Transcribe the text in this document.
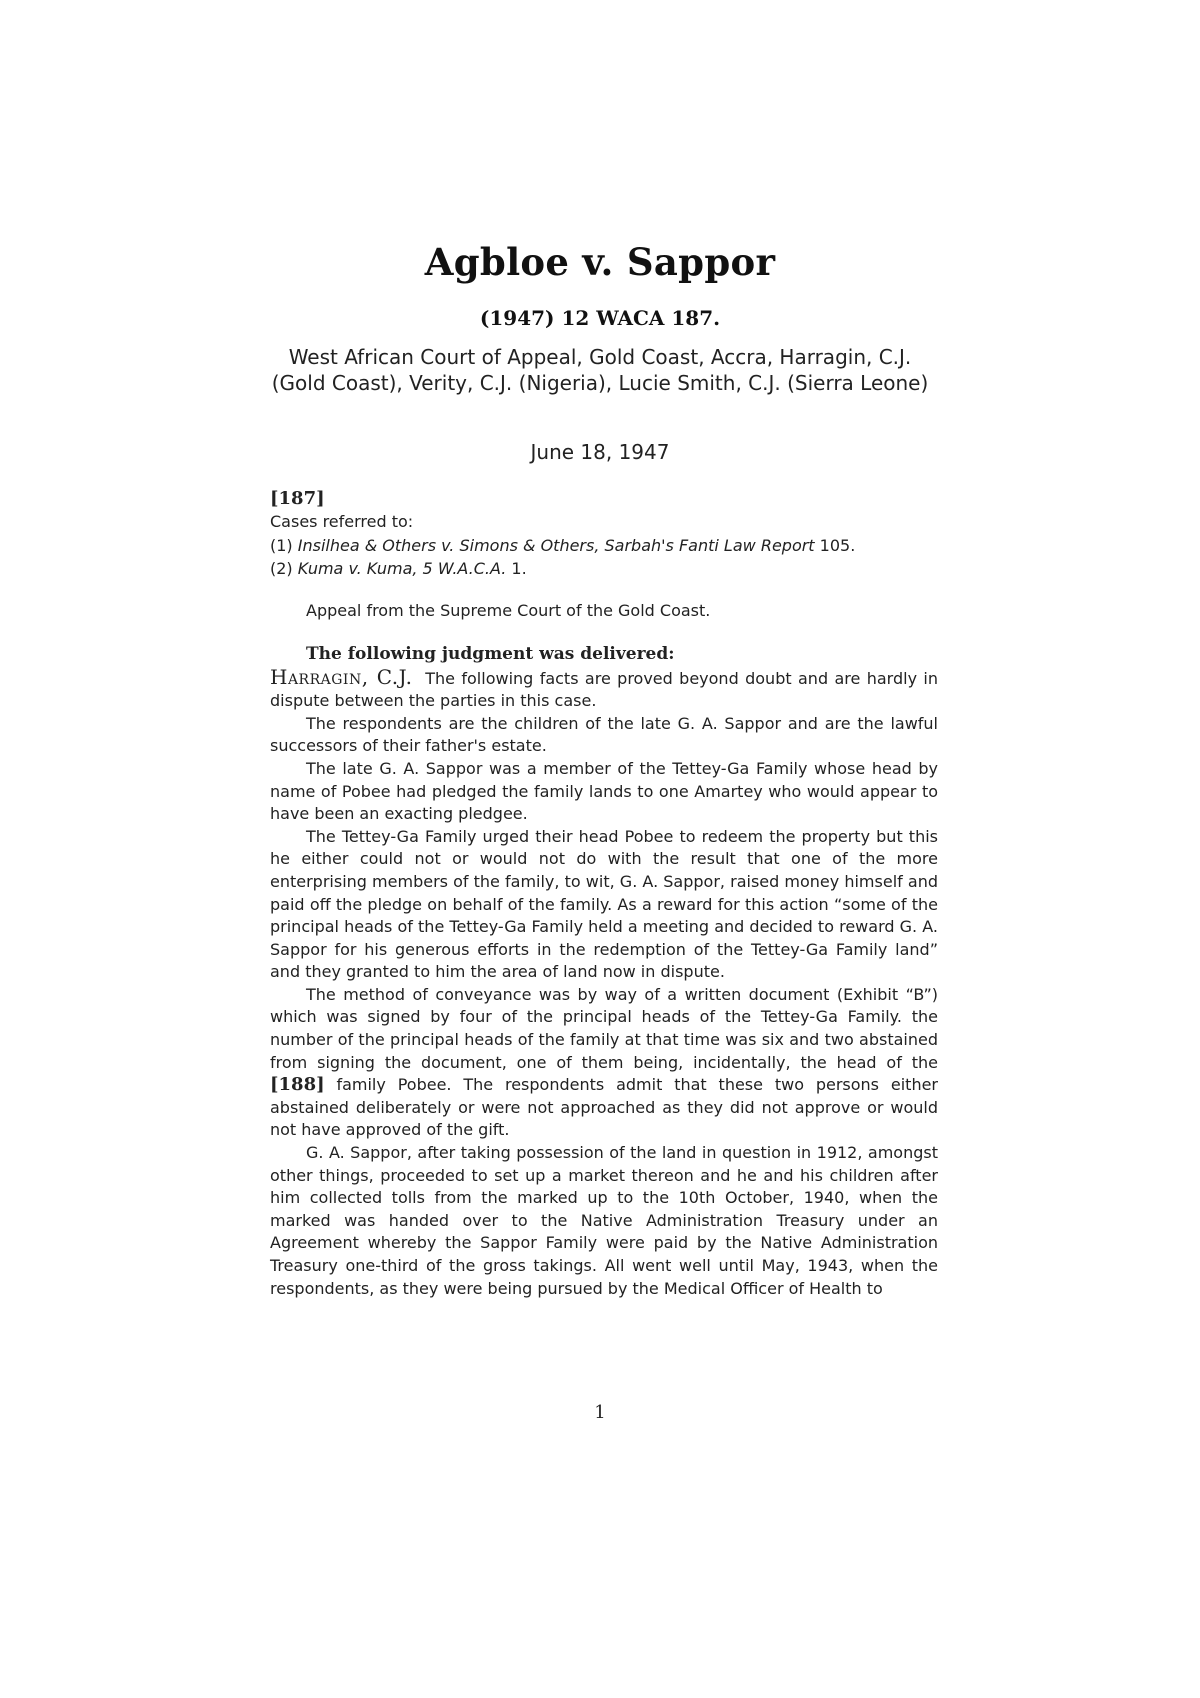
Agbloe v. Sappor
(1947) 12 WACA 187.
West African Court of Appeal, Gold Coast, Accra, Harragin, C.J. (Gold Coast), Verity, C.J. (Nigeria), Lucie Smith, C.J. (Sierra Leone)
June 18, 1947
[187]
Cases referred to:
(1) Insilhea & Others v. Simons & Others, Sarbah's Fanti Law Report 105.
(2) Kuma v. Kuma, 5 W.A.C.A. 1.
Appeal from the Supreme Court of the Gold Coast.
The following judgment was delivered:

Harragin, C.J. The following facts are proved beyond doubt and are hardly in dispute between the parties in this case.

The respondents are the children of the late G. A. Sappor and are the lawful successors of their father's estate.

The late G. A. Sappor was a member of the Tettey-Ga Family whose head by name of Pobee had pledged the family lands to one Amartey who would appear to have been an exacting pledgee.

The Tettey-Ga Family urged their head Pobee to redeem the property but this he either could not or would not do with the result that one of the more enterprising members of the family, to wit, G. A. Sappor, raised money himself and paid off the pledge on behalf of the family. As a reward for this action “some of the principal heads of the Tettey-Ga Family held a meeting and decided to reward G. A. Sappor for his generous efforts in the redemption of the Tettey-Ga Family land” and they granted to him the area of land now in dispute.

The method of conveyance was by way of a written document (Exhibit “B”) which was signed by four of the principal heads of the Tettey-Ga Family. the number of the principal heads of the family at that time was six and two abstained from signing the document, one of them being, incidentally, the head of the [188] family Pobee. The respondents admit that these two persons either abstained deliberately or were not approached as they did not approve or would not have approved of the gift.

G. A. Sappor, after taking possession of the land in question in 1912, amongst other things, proceeded to set up a market thereon and he and his children after him collected tolls from the marked up to the 10th October, 1940, when the marked was handed over to the Native Administration Treasury under an Agreement whereby the Sappor Family were paid by the Native Administration Treasury one-third of the gross takings. All went well until May, 1943, when the respondents, as they were being pursued by the Medical Officer of Health to

1
